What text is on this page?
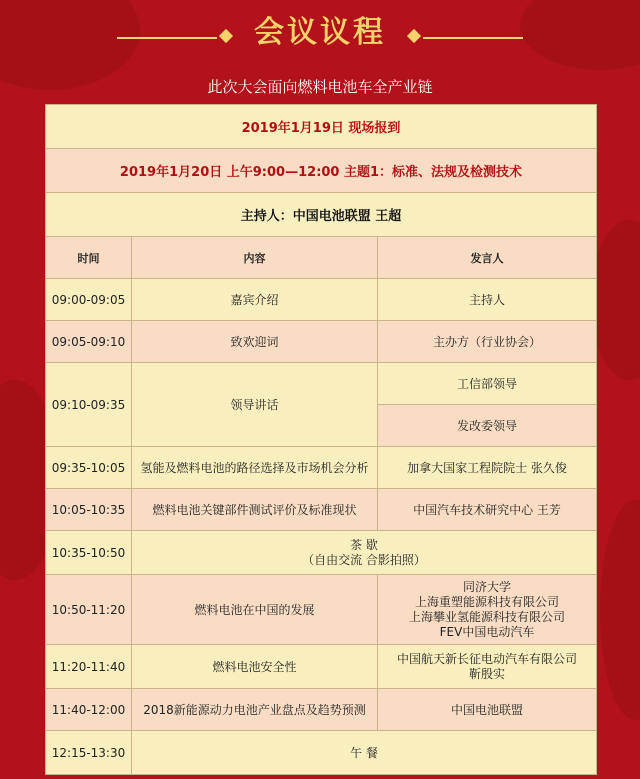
会议议程
此次大会面向燃料电池车全产业链
2019年1月19日 现场报到		
2019年1月20日 上午9:00—12:00 主题1：标准、法规及检测技术		
主持人：中国电池联盟 王超		
时间	内容	发言人
09:00-09:05	嘉宾介绍	主持人
09:05-09:10	致欢迎词	主办方（行业协会）
09:10-09:35	领导讲话	工信部领导
		发改委领导
09:35-10:05	氢能及燃料电池的路径选择及市场机会分析	加拿大国家工程院院士 张久俊
10:05-10:35	燃料电池关键部件测试评价及标准现状	中国汽车技术研究中心 王芳
10:35-10:50	茶 歇
（自由交流 合影拍照）	

10:50-11:20	燃料电池在中国的发展	同济大学
上海重塑能源科技有限公司
上海攀业氢能源科技有限公司
FEV中国电动汽车

11:20-11:40	燃料电池安全性	中国航天新长征电动汽车有限公司
靳殷实

11:40-12:00	2018新能源动力电池产业盘点及趋势预测	中国电池联盟
12:15-13:30	午 餐	
